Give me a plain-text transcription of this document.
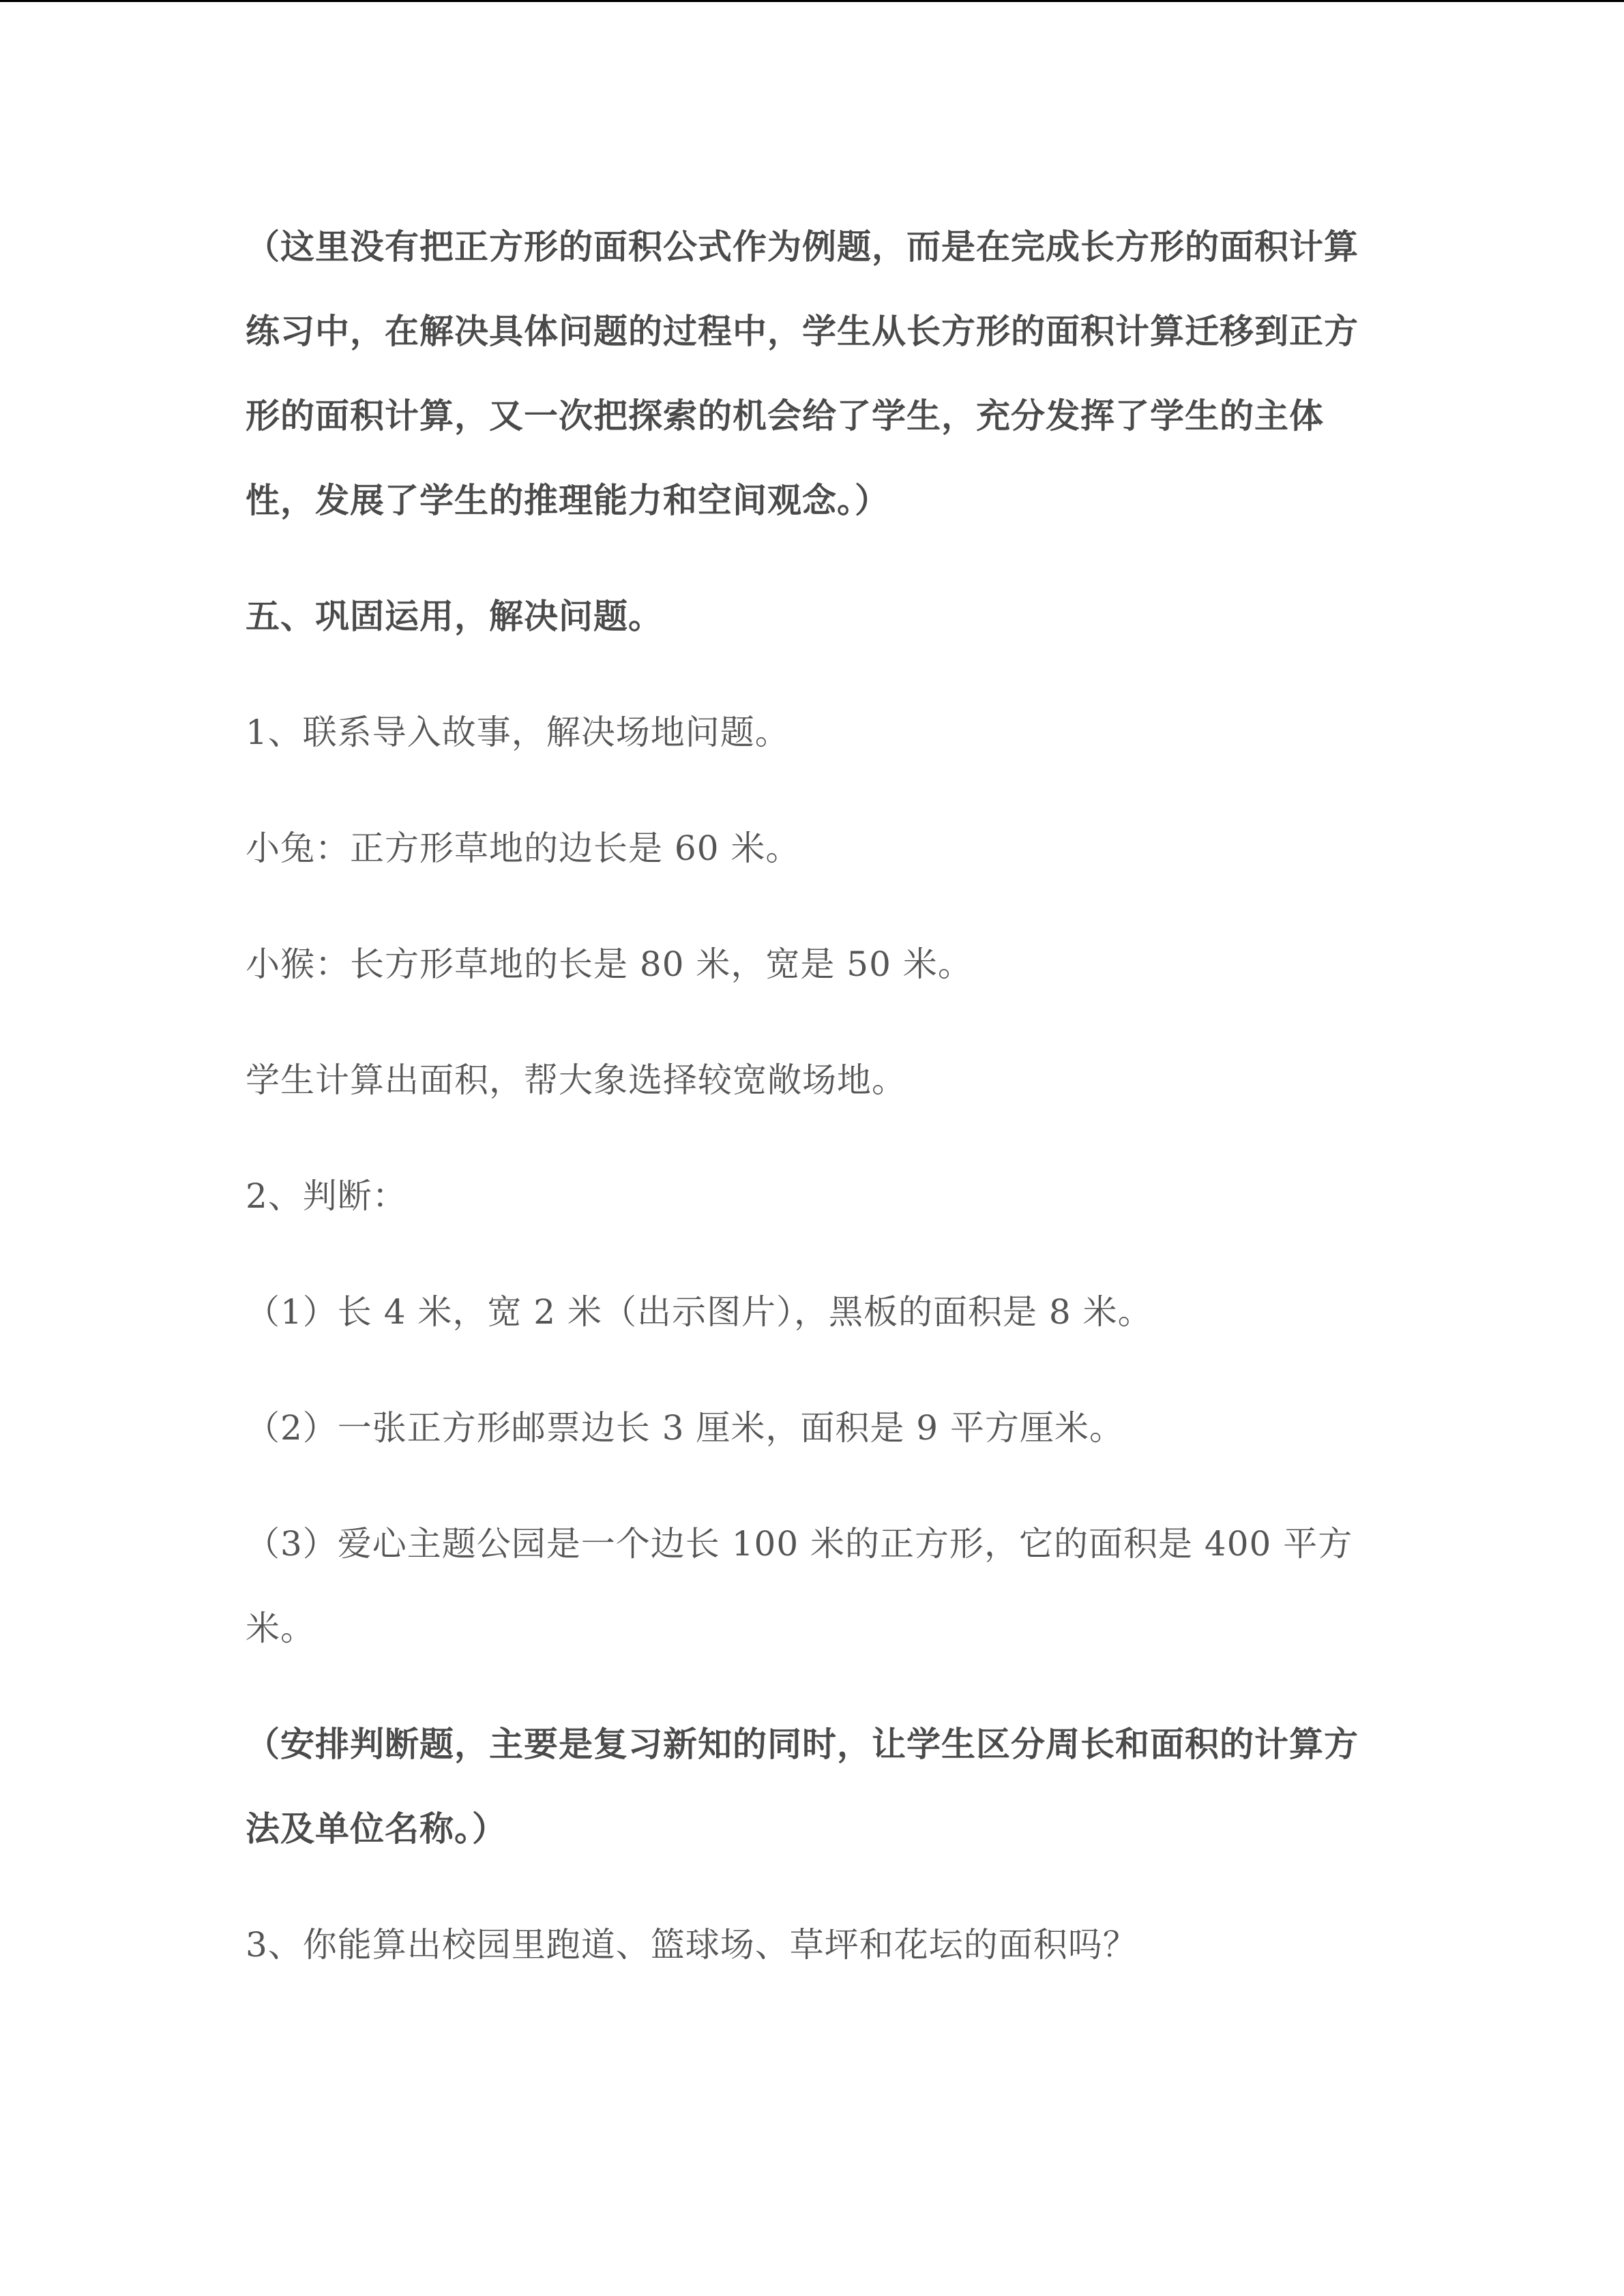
（这里没有把正方形的面积公式作为例题，而是在完成长方形的面积计算练习中，在解决具体问题的过程中，学生从长方形的面积计算迁移到正方形的面积计算，又一次把探索的机会给了学生，充分发挥了学生的主体性，发展了学生的推理能力和空间观念。）

五、巩固运用，解决问题。

1、联系导入故事，解决场地问题。

小兔：正方形草地的边长是 60 米。

小猴：长方形草地的长是 80 米，宽是 50 米。

学生计算出面积，帮大象选择较宽敞场地。

2、判断：

（1）长 4 米，宽 2 米（出示图片），黑板的面积是 8 米。

（2）一张正方形邮票边长 3 厘米，面积是 9 平方厘米。

（3）爱心主题公园是一个边长 100 米的正方形，它的面积是 400 平方米。

（安排判断题，主要是复习新知的同时，让学生区分周长和面积的计算方法及单位名称。）

3、你能算出校园里跑道、篮球场、草坪和花坛的面积吗？
